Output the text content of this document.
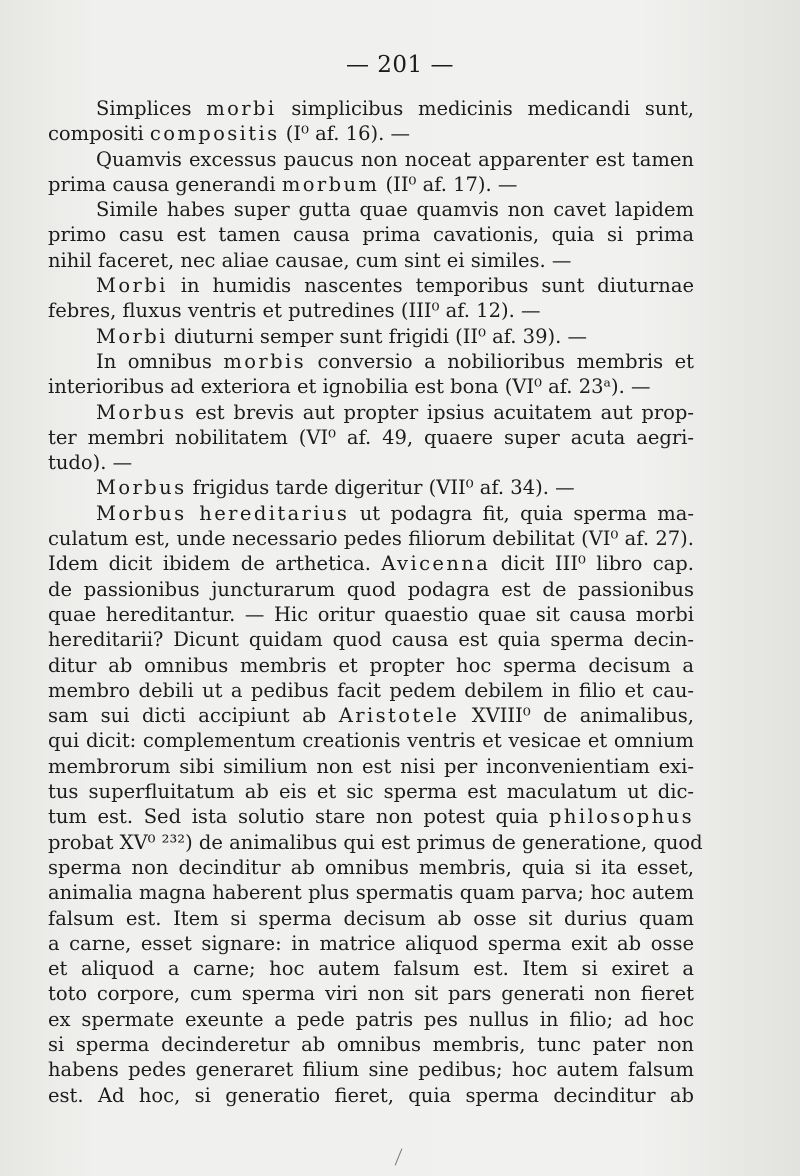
— 201 —
Simplices morbi simplicibus medicinis medicandi sunt,
compositi compositis (I⁰ af. 16). —
Quamvis excessus paucus non noceat apparenter est tamen
prima causa generandi morbum (II⁰ af. 17). —
Simile habes super gutta quae quamvis non cavet lapidem
primo casu est tamen causa prima cavationis, quia si prima
nihil faceret, nec aliae causae, cum sint ei similes. —
Morbi in humidis nascentes temporibus sunt diuturnae
febres, fluxus ventris et putredines (III⁰ af. 12). —
Morbi diuturni semper sunt frigidi (II⁰ af. 39). —
In omnibus morbis conversio a nobilioribus membris et
interioribus ad exteriora et ignobilia est bona (VI⁰ af. 23ᵃ). —
Morbus est brevis aut propter ipsius acuitatem aut prop-
ter membri nobilitatem (VI⁰ af. 49, quaere super acuta aegri-
tudo). —
Morbus frigidus tarde digeritur (VII⁰ af. 34). —
Morbus hereditarius ut podagra fit, quia sperma ma-
culatum est, unde necessario pedes filiorum debilitat (VI⁰ af. 27).
Idem dicit ibidem de arthetica. Avicenna dicit III⁰ libro cap.
de passionibus juncturarum quod podagra est de passionibus
quae hereditantur. — Hic oritur quaestio quae sit causa morbi
hereditarii? Dicunt quidam quod causa est quia sperma decin-
ditur ab omnibus membris et propter hoc sperma decisum a
membro debili ut a pedibus facit pedem debilem in filio et cau-
sam sui dicti accipiunt ab Aristotele XVIII⁰ de animalibus,
qui dicit: complementum creationis ventris et vesicae et omnium
membrorum sibi similium non est nisi per inconvenientiam exi-
tus superfluitatum ab eis et sic sperma est maculatum ut dic-
tum est. Sed ista solutio stare non potest quia philosophus
probat XV⁰ ²³²) de animalibus qui est primus de generatione, quod
sperma non decinditur ab omnibus membris, quia si ita esset,
animalia magna haberent plus spermatis quam parva; hoc autem
falsum est. Item si sperma decisum ab osse sit durius quam
a carne, esset signare: in matrice aliquod sperma exit ab osse
et aliquod a carne; hoc autem falsum est. Item si exiret a
toto corpore, cum sperma viri non sit pars generati non fieret
ex spermate exeunte a pede patris pes nullus in filio; ad hoc
si sperma decinderetur ab omnibus membris, tunc pater non
habens pedes generaret filium sine pedibus; hoc autem falsum
est. Ad hoc, si generatio fieret, quia sperma decinditur ab
